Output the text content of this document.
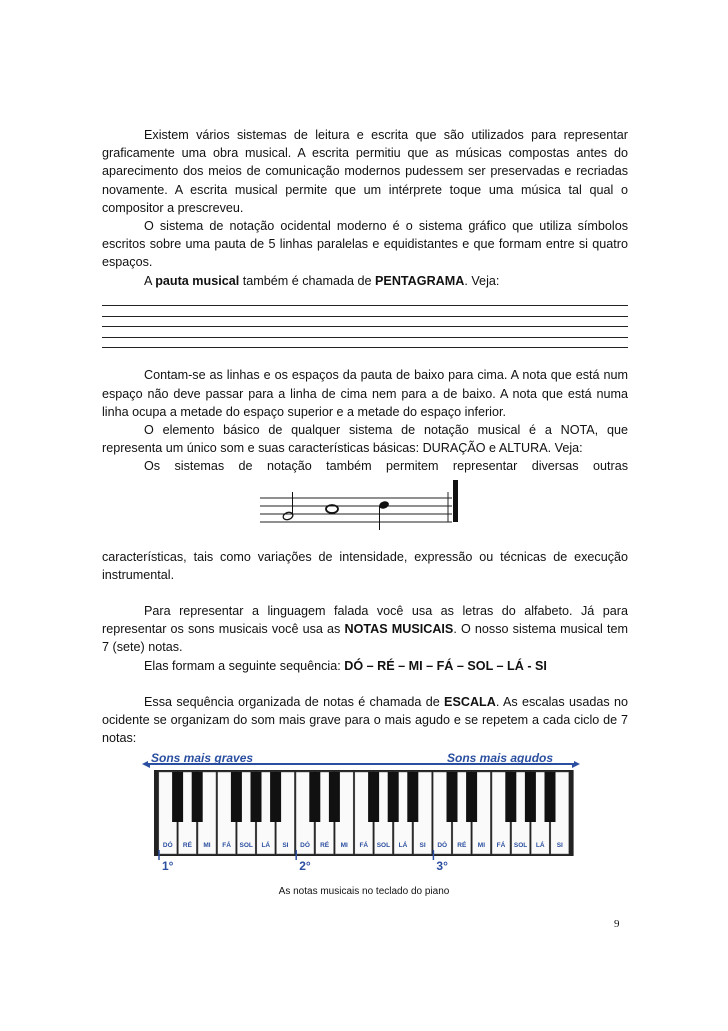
Existem vários sistemas de leitura e escrita que são utilizados para representar graficamente uma obra musical. A escrita permitiu que as músicas compostas antes do aparecimento dos meios de comunicação modernos pudessem ser preservadas e recriadas novamente. A escrita musical permite que um intérprete toque uma música tal qual o compositor a prescreveu.

O sistema de notação ocidental moderno é o sistema gráfico que utiliza símbolos escritos sobre uma pauta de 5 linhas paralelas e equidistantes e que formam entre si quatro espaços.

A pauta musical também é chamada de PENTAGRAMA. Veja:

Contam-se as linhas e os espaços da pauta de baixo para cima. A nota que está num espaço não deve passar para a linha de cima nem para a de baixo. A nota que está numa linha ocupa a metade do espaço superior e a metade do espaço inferior.

O elemento básico de qualquer sistema de notação musical é a NOTA, que representa um único som e suas características básicas: DURAÇÃO e ALTURA. Veja:

Os sistemas de notação também permitem representar diversas outras

características, tais como variações de intensidade, expressão ou técnicas de execução instrumental.

Para representar a linguagem falada você usa as letras do alfabeto. Já para representar os sons musicais você usa as NOTAS MUSICAIS. O nosso sistema musical tem 7 (sete) notas.

Elas formam a seguinte sequência: DÓ – RÉ – MI – FÁ – SOL – LÁ - SI

Essa sequência organizada de notas é chamada de ESCALA. As escalas usadas no ocidente se organizam do som mais grave para o mais agudo e se repetem a cada ciclo de 7 notas:

Sons mais graves	Sons mais agudos
DÓ RÉ MI FÁ SOL LÁ SI DÓ RÉ MI FÁ SOL LÁ SI DÓ RÉ MI FÁ SOL LÁ SI
1°	2°	3°
As notas musicais no teclado do piano
9
